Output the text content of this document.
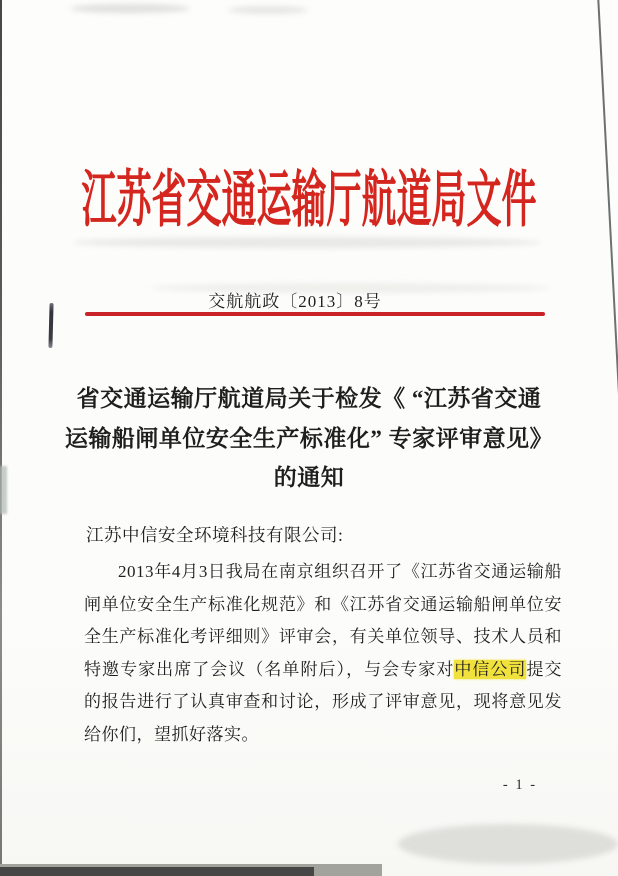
江苏省交通运输厅航道局文件
交航航政〔2013〕8号
省交通运输厅航道局关于检发《 “江苏省交通
运输船闸单位安全生产标准化” 专家评审意见》
的通知
江苏中信安全环境科技有限公司:
2013年4月3日我局在南京组织召开了《江苏省交通运输船闸单位安全生产标准化规范》和《江苏省交通运输船闸单位安全生产标准化考评细则》评审会，有关单位领导、技术人员和特邀专家出席了会议（名单附后），与会专家对中信公司提交的报告进行了认真审查和讨论，形成了评审意见，现将意见发给你们，望抓好落实。
- 1 -
